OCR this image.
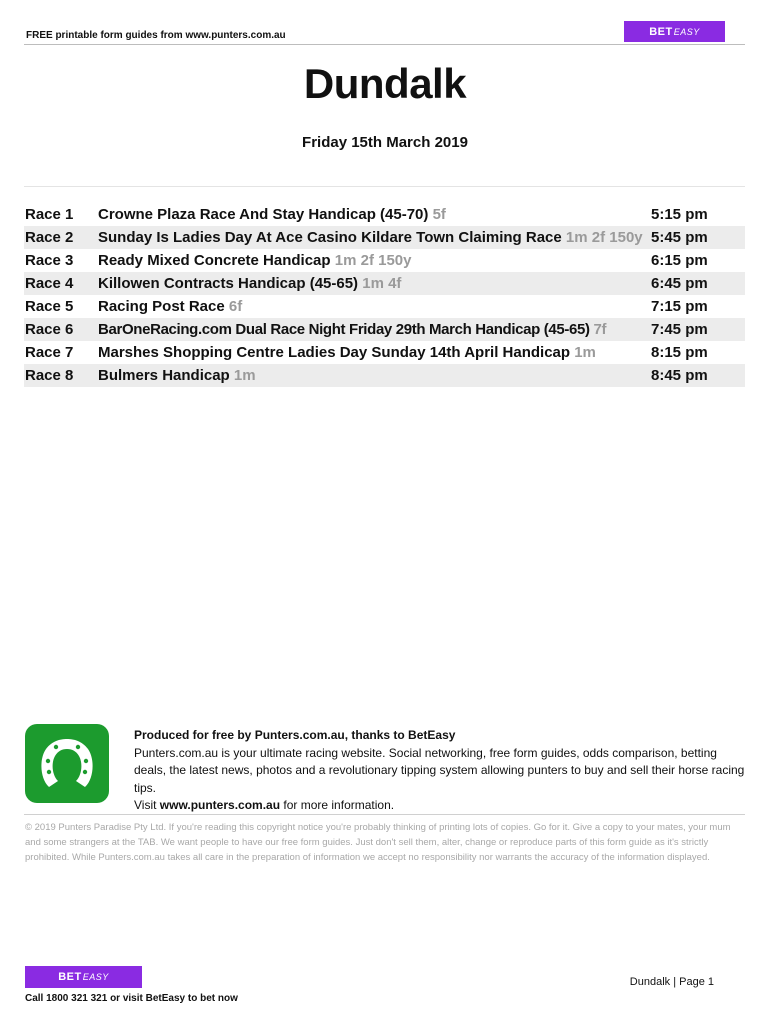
FREE printable form guides from www.punters.com.au	BET EASY
Dundalk
Friday 15th March 2019
Race 1 Crowne Plaza Race And Stay Handicap (45-70) 5f	5:15 pm
Race 2 Sunday Is Ladies Day At Ace Casino Kildare Town Claiming Race 1m 2f 150y 5:45 pm
Race 3 Ready Mixed Concrete Handicap 1m 2f 150y	6:15 pm
Race 4 Killowen Contracts Handicap (45-65) 1m 4f	6:45 pm
Race 5 Racing Post Race 6f	7:15 pm
Race 6 BarOneRacing.com Dual Race Night Friday 29th March Handicap (45-65) 7f	7:45 pm
Race 7 Marshes Shopping Centre Ladies Day Sunday 14th April Handicap 1m	8:15 pm
Race 8 Bulmers Handicap 1m	8:45 pm
Produced for free by Punters.com.au, thanks to BetEasy
Punters.com.au is your ultimate racing website. Social networking, free form guides, odds comparison, betting deals, the latest news, photos and a revolutionary tipping system allowing punters to buy and sell their horse racing tips.
Visit www.punters.com.au for more information.
© 2019 Punters Paradise Pty Ltd. If you're reading this copyright notice you're probably thinking of printing lots of copies. Go for it. Give a copy to your mates, your mum and some strangers at the TAB. We want people to have our free form guides. Just don't sell them, alter, change or reproduce parts of this form guide as it's strictly prohibited. While Punters.com.au takes all care in the preparation of information we accept no responsibility nor warrants the accuracy of the information displayed.
BET EASY	Dundalk | Page 1
Call 1800 321 321 or visit BetEasy to bet now
